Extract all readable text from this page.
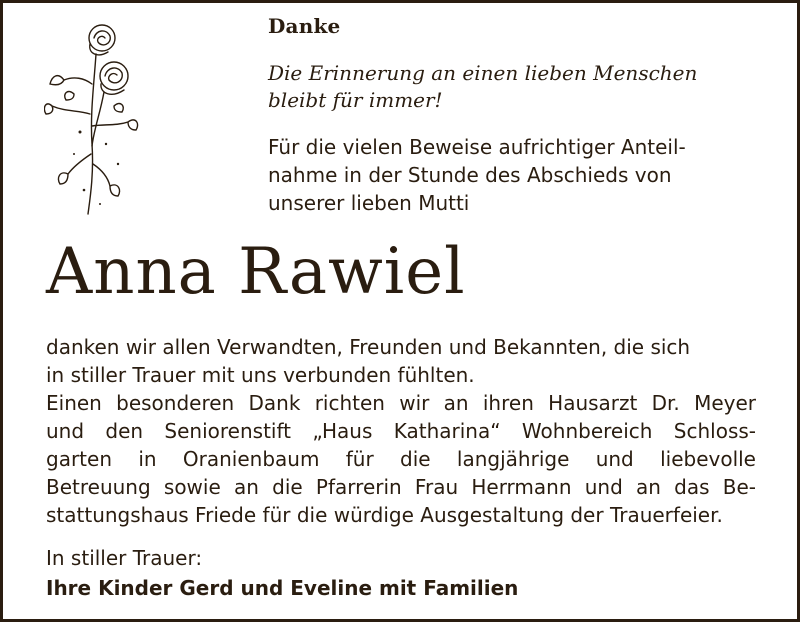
Danke
Die Erinnerung an einen lieben Menschen
bleibt für immer!
Für die vielen Beweise aufrichtiger Anteil-
nahme in der Stunde des Abschieds von
unserer lieben Mutti
Anna Rawiel
danken wir allen Verwandten, Freunden und Bekannten, die sich
in stiller Trauer mit uns verbunden fühlten.
Einen besonderen Dank richten wir an ihren Hausarzt Dr. Meyer
und den Seniorenstift „Haus Katharina“ Wohnbereich Schloss-
garten in Oranienbaum für die langjährige und liebevolle
Betreuung sowie an die Pfarrerin Frau Herrmann und an das Be-
stattungshaus Friede für die würdige Ausgestaltung der Trauerfeier.
In stiller Trauer:
Ihre Kinder Gerd und Eveline mit Familien
